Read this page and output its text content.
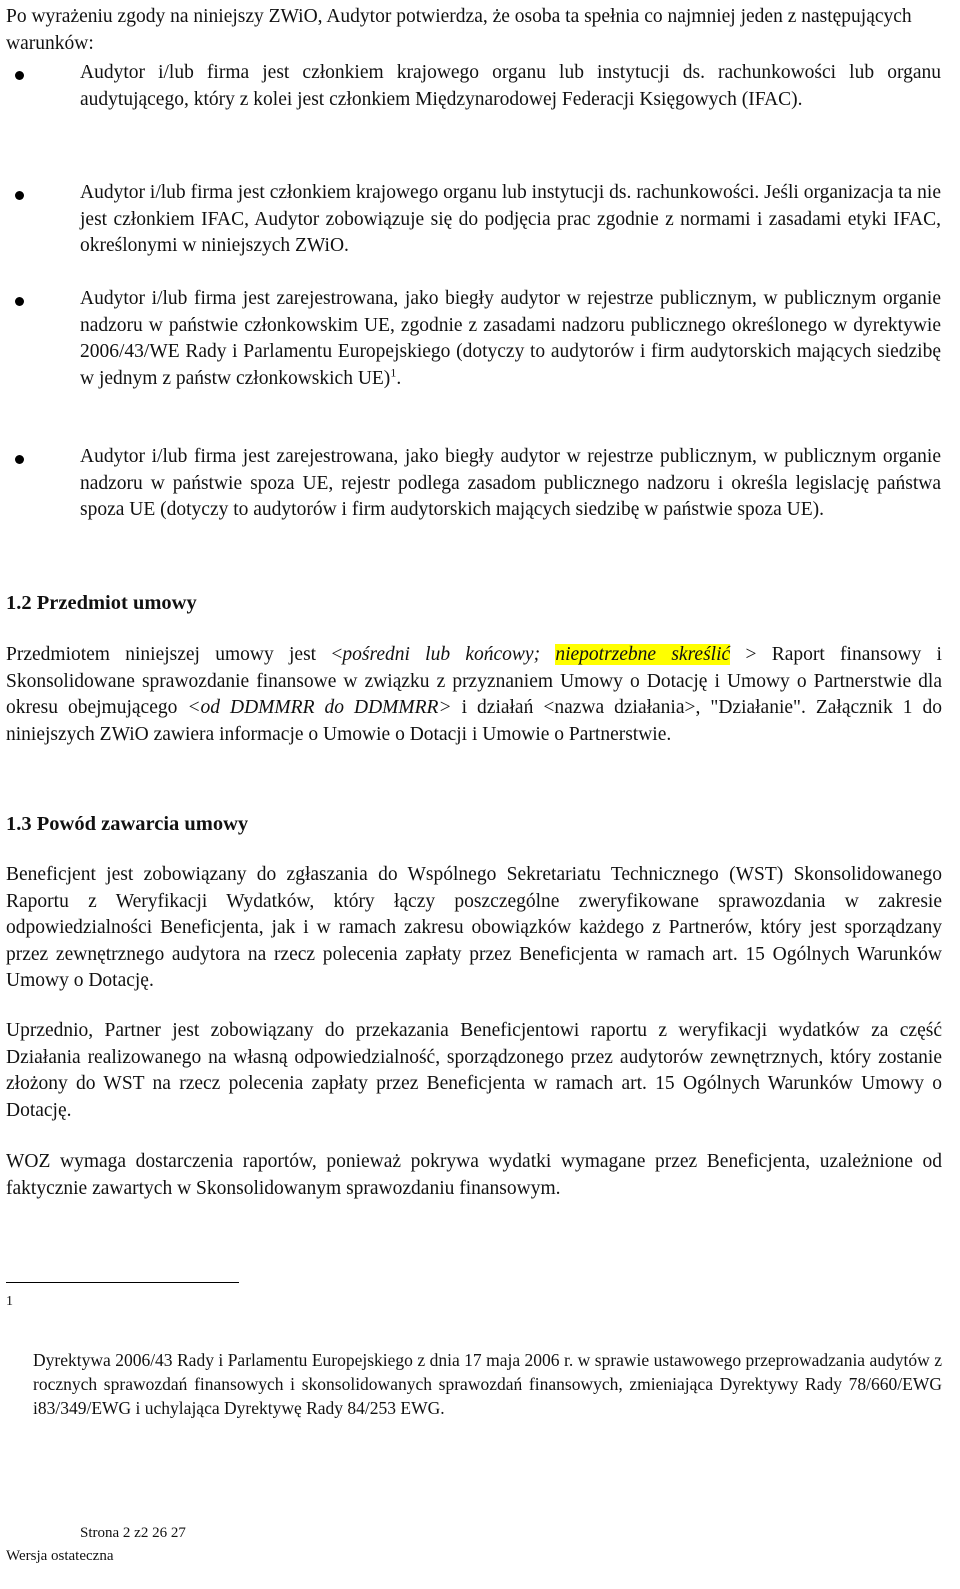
Po wyrażeniu zgody na niniejszy ZWiO, Audytor potwierdza, że osoba ta spełnia co najmniej jeden z następujących warunków:
Audytor i/lub firma jest członkiem krajowego organu lub instytucji ds. rachunkowości lub organu audytującego, który z kolei jest członkiem Międzynarodowej Federacji Księgowych (IFAC).
Audytor i/lub firma jest członkiem krajowego organu lub instytucji ds. rachunkowości. Jeśli organizacja ta nie jest członkiem IFAC, Audytor zobowiązuje się do podjęcia prac zgodnie z normami i zasadami etyki IFAC, określonymi w niniejszych ZWiO.
Audytor i/lub firma jest zarejestrowana, jako biegły audytor w rejestrze publicznym, w publicznym organie nadzoru w państwie członkowskim UE, zgodnie z zasadami nadzoru publicznego określonego w dyrektywie 2006/43/WE Rady i Parlamentu Europejskiego (dotyczy to audytorów i firm audytorskich mających siedzibę w jednym z państw członkowskich UE)$^1$.
Audytor i/lub firma jest zarejestrowana, jako biegły audytor w rejestrze publicznym, w publicznym organie nadzoru w państwie spoza UE, rejestr podlega zasadom publicznego nadzoru i określa legislację państwa spoza UE (dotyczy to audytorów i firm audytorskich mających siedzibę w państwie spoza UE).
1.2 Przedmiot umowy
Przedmiotem niniejszej umowy jest <pośredni lub końcowy; niepotrzebne skreślić > Raport finansowy i Skonsolidowane sprawozdanie finansowe w związku z przyznaniem Umowy o Dotację i Umowy o Partnerstwie dla okresu obejmującego <od DDMMRR do DDMMRR> i działań <nazwa działania>, "Działanie". Załącznik 1 do niniejszych ZWiO zawiera informacje o Umowie o Dotacji i Umowie o Partnerstwie.
1.3 Powód zawarcia umowy
Beneficjent jest zobowiązany do zgłaszania do Wspólnego Sekretariatu Technicznego (WST) Skonsolidowanego Raportu z Weryfikacji Wydatków, który łączy poszczególne zweryfikowane sprawozdania w zakresie odpowiedzialności Beneficjenta, jak i w ramach zakresu obowiązków każdego z Partnerów, który jest sporządzany przez zewnętrznego audytora na rzecz polecenia zapłaty przez Beneficjenta w ramach art. 15 Ogólnych Warunków Umowy o Dotację.
Uprzednio, Partner jest zobowiązany do przekazania Beneficjentowi raportu z weryfikacji wydatków za część Działania realizowanego na własną odpowiedzialność, sporządzonego przez audytorów zewnętrznych, który zostanie złożony do WST na rzecz polecenia zapłaty przez Beneficjenta w ramach art. 15 Ogólnych Warunków Umowy o Dotację.
WOZ wymaga dostarczenia raportów, ponieważ pokrywa wydatki wymagane przez Beneficjenta, uzależnione od faktycznie zawartych w Skonsolidowanym sprawozdaniu finansowym.
1
Dyrektywa 2006/43 Rady i Parlamentu Europejskiego z dnia 17 maja 2006 r. w sprawie ustawowego przeprowadzania audytów z rocznych sprawozdań finansowych i skonsolidowanych sprawozdań finansowych, zmieniająca Dyrektywy Rady 78/660/EWG i83/349/EWG i uchylająca Dyrektywę Rady 84/253 EWG.
Strona 2 z2 26 27
Wersja ostateczna
